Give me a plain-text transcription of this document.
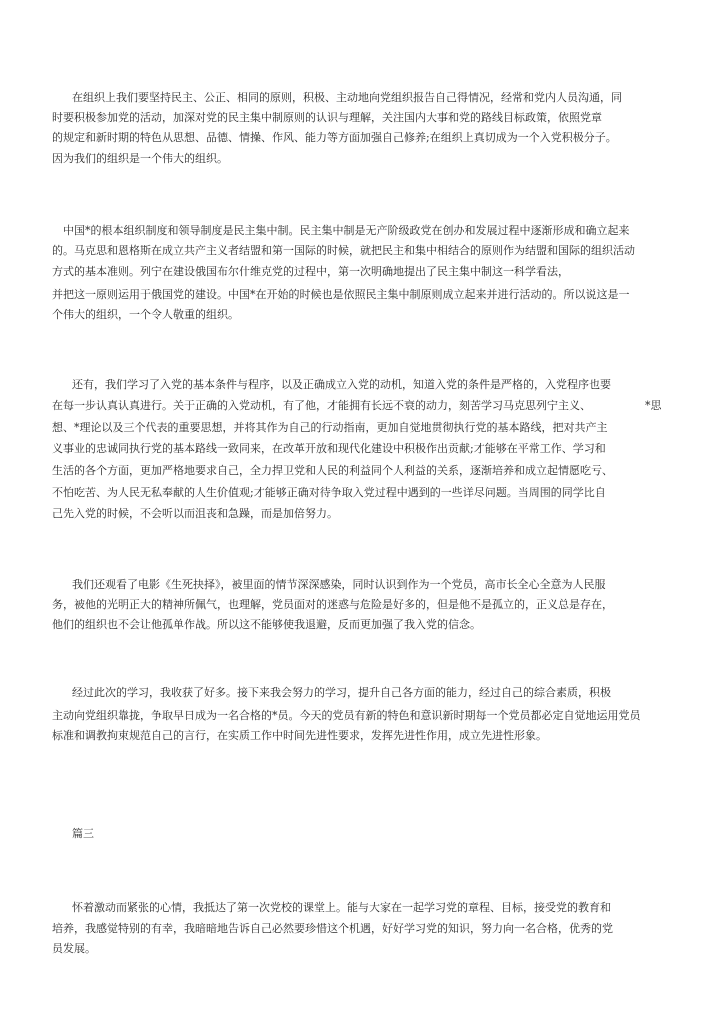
在组织上我们要坚持民主、公正、相同的原则，积极、主动地向党组织报告自己得情况，经常和党内人员沟通，同
时要积极参加党的活动，加深对党的民主集中制原则的认识与理解，关注国内大事和党的路线目标政策，依照党章
的规定和新时期的特色从思想、品德、情操、作风、能力等方面加强自己修养;在组织上真切成为一个入党积极分子。
因为我们的组织是一个伟大的组织。
中国*的根本组织制度和领导制度是民主集中制。民主集中制是无产阶级政党在创办和发展过程中逐渐形成和确立起来
的。马克思和恩格斯在成立共产主义者结盟和第一国际的时候，就把民主和集中相结合的原则作为结盟和国际的组织活动
方式的基本准则。列宁在建设俄国布尔什维克党的过程中，第一次明确地提出了民主集中制这一科学看法，
并把这一原则运用于俄国党的建设。中国*在开始的时候也是依照民主集中制原则成立起来并进行活动的。所以说这是一
个伟大的组织，一个令人敬重的组织。
还有，我们学习了入党的基本条件与程序，以及正确成立入党的动机，知道入党的条件是严格的，入党程序也要
在每一步认真认真进行。关于正确的入党动机，有了他，才能拥有长远不衰的动力，刻苦学习马克思列宁主义、	*思
想、*理论以及三个代表的重要思想，并将其作为自己的行动指南，更加自觉地贯彻执行党的基本路线，把对共产主
义事业的忠诚同执行党的基本路线一致同来，在改革开放和现代化建设中积极作出贡献;才能够在平常工作、学习和
生活的各个方面，更加严格地要求自己，全力捍卫党和人民的利益同个人利益的关系，逐渐培养和成立起情愿吃亏、
不怕吃苦、为人民无私奉献的人生价值观;才能够正确对待争取入党过程中遇到的一些详尽问题。当周围的同学比自
己先入党的时候，不会听以而沮丧和急躁，而是加倍努力。
我们还观看了电影《生死抉择》，被里面的情节深深感染，同时认识到作为一个党员，高市长全心全意为人民服
务，被他的光明正大的精神所佩气，也理解，党员面对的迷惑与危险是好多的，但是他不是孤立的，正义总是存在，
他们的组织也不会让他孤单作战。所以这不能够使我退避，反而更加强了我入党的信念。
经过此次的学习，我收获了好多。接下来我会努力的学习，提升自己各方面的能力，经过自己的综合素质，积极
主动向党组织靠拢，争取早日成为一名合格的*员。今天的党员有新的特色和意识新时期每一个党员都必定自觉地运用党员
标准和调教拘束规范自己的言行，在实质工作中时间先进性要求，发挥先进性作用，成立先进性形象。
篇三
怀着激动而紧张的心情，我抵达了第一次党校的课堂上。能与大家在一起学习党的章程、目标，接受党的教育和
培养，我感觉特别的有幸，我暗暗地告诉自己必然要珍惜这个机遇，好好学习党的知识，努力向一名合格，优秀的党
员发展。
